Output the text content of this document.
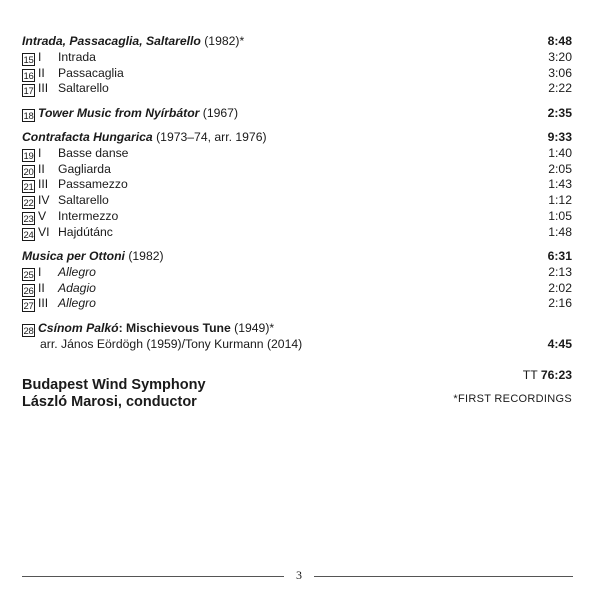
Intrada, Passacaglia, Saltarello (1982)*	8:48
15 I Intrada	3:20
16 II Passacaglia	3:06
17 III Saltarello	2:22
18 Tower Music from Nyírbátor (1967)	2:35
Contrafacta Hungarica (1973–74, arr. 1976)	9:33
19 I Basse danse	1:40
20 II Gagliarda	2:05
21 III Passamezzo	1:43
22 IV Saltarello	1:12
23 V Intermezzo	1:05
24 VI Hajdútánc	1:48
Musica per Ottoni (1982)	6:31
25 I Allegro	2:13
26 II Adagio	2:02
27 III Allegro	2:16
28 Csínom Palkó: Mischievous Tune (1949)*
arr. János Eördögh (1959)/Tony Kurmann (2014)	4:45
TT 76:23
Budapest Wind Symphony
László Marosi, conductor	*FIRST RECORDINGS
3
